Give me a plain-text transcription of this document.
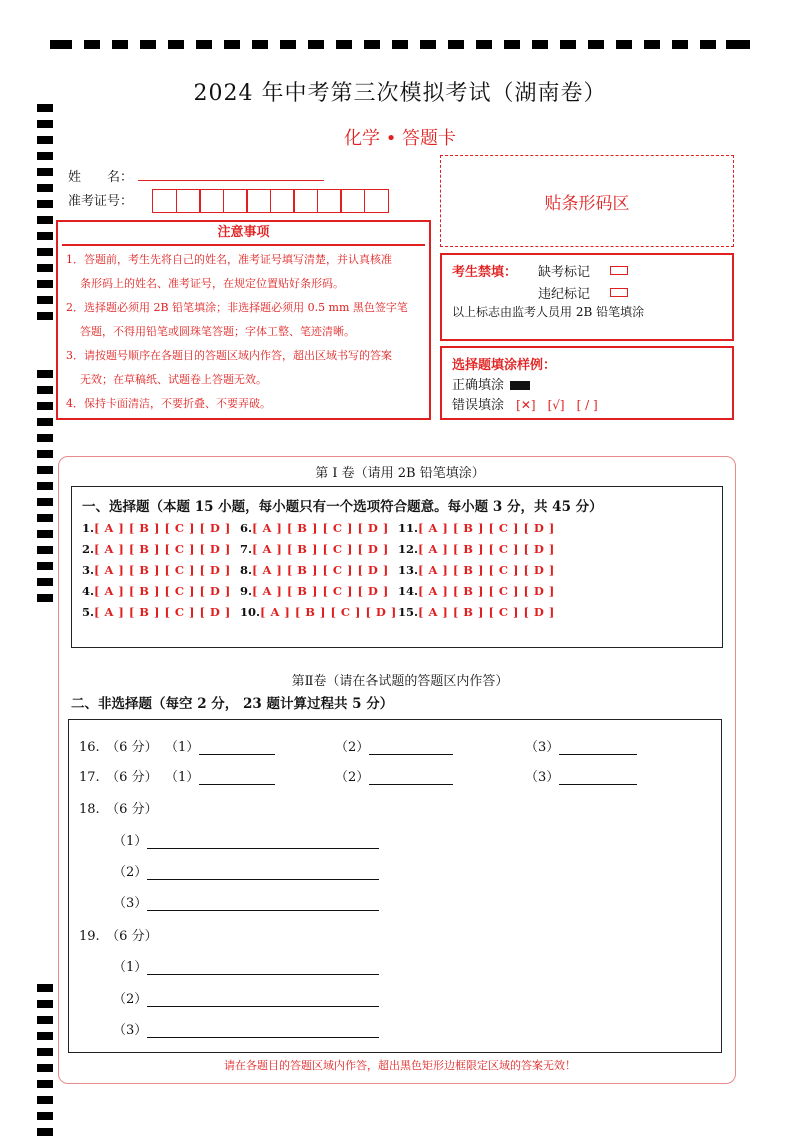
2024 年中考第三次模拟考试（湖南卷）
化学 • 答题卡
姓　　名：
准考证号：	贴条形码区
注意事项
1．答题前，考生先将自己的姓名，准考证号填写清楚，并认真核准
条形码上的姓名、准考证号，在规定位置贴好条形码。
2．选择题必须用 2B 铅笔填涂；非选择题必须用 0.5 mm 黑色签字笔
答题，不得用铅笔或圆珠笔答题；字体工整、笔迹清晰。
3．请按题号顺序在各题目的答题区域内作答，超出区域书写的答案
无效；在草稿纸、试题卷上答题无效。
4．保持卡面清洁，不要折叠、不要弄破。
考生禁填： 缺考标记
违纪标记
以上标志由监考人员用 2B 铅笔填涂
选择题填涂样例：
正确填涂
错误填涂 [✕]　[√]　[ / ]
第 I 卷（请用 2B 铅笔填涂）
一、选择题（本题 15 小题，每小题只有一个选项符合题意。每小题 3 分，共 45 分）
1.[ A ] [ B ] [ C ] [ D ]
2.[ A ] [ B ] [ C ] [ D ]
3.[ A ] [ B ] [ C ] [ D ]
4.[ A ] [ B ] [ C ] [ D ]
5.[ A ] [ B ] [ C ] [ D ]
6.[ A ] [ B ] [ C ] [ D ]
7.[ A ] [ B ] [ C ] [ D ]
8.[ A ] [ B ] [ C ] [ D ]
9.[ A ] [ B ] [ C ] [ D ]
10.[ A ] [ B ] [ C ] [ D ]
11.[ A ] [ B ] [ C ] [ D ]
12.[ A ] [ B ] [ C ] [ D ]
13.[ A ] [ B ] [ C ] [ D ]
14.[ A ] [ B ] [ C ] [ D ]
15.[ A ] [ B ] [ C ] [ D ]
第Ⅱ卷（请在各试题的答题区内作答）
二、非选择题（每空 2 分， 23 题计算过程共 5 分）
16.　（6 分） （1）	（2）	（3）
17.　（6 分） （1）	（2）	（3）
18.　（6 分）
（1）
（2）
（3）
19.　（6 分）
（1）
（2）
（3）
请在各题目的答题区域内作答，超出黑色矩形边框限定区域的答案无效！
